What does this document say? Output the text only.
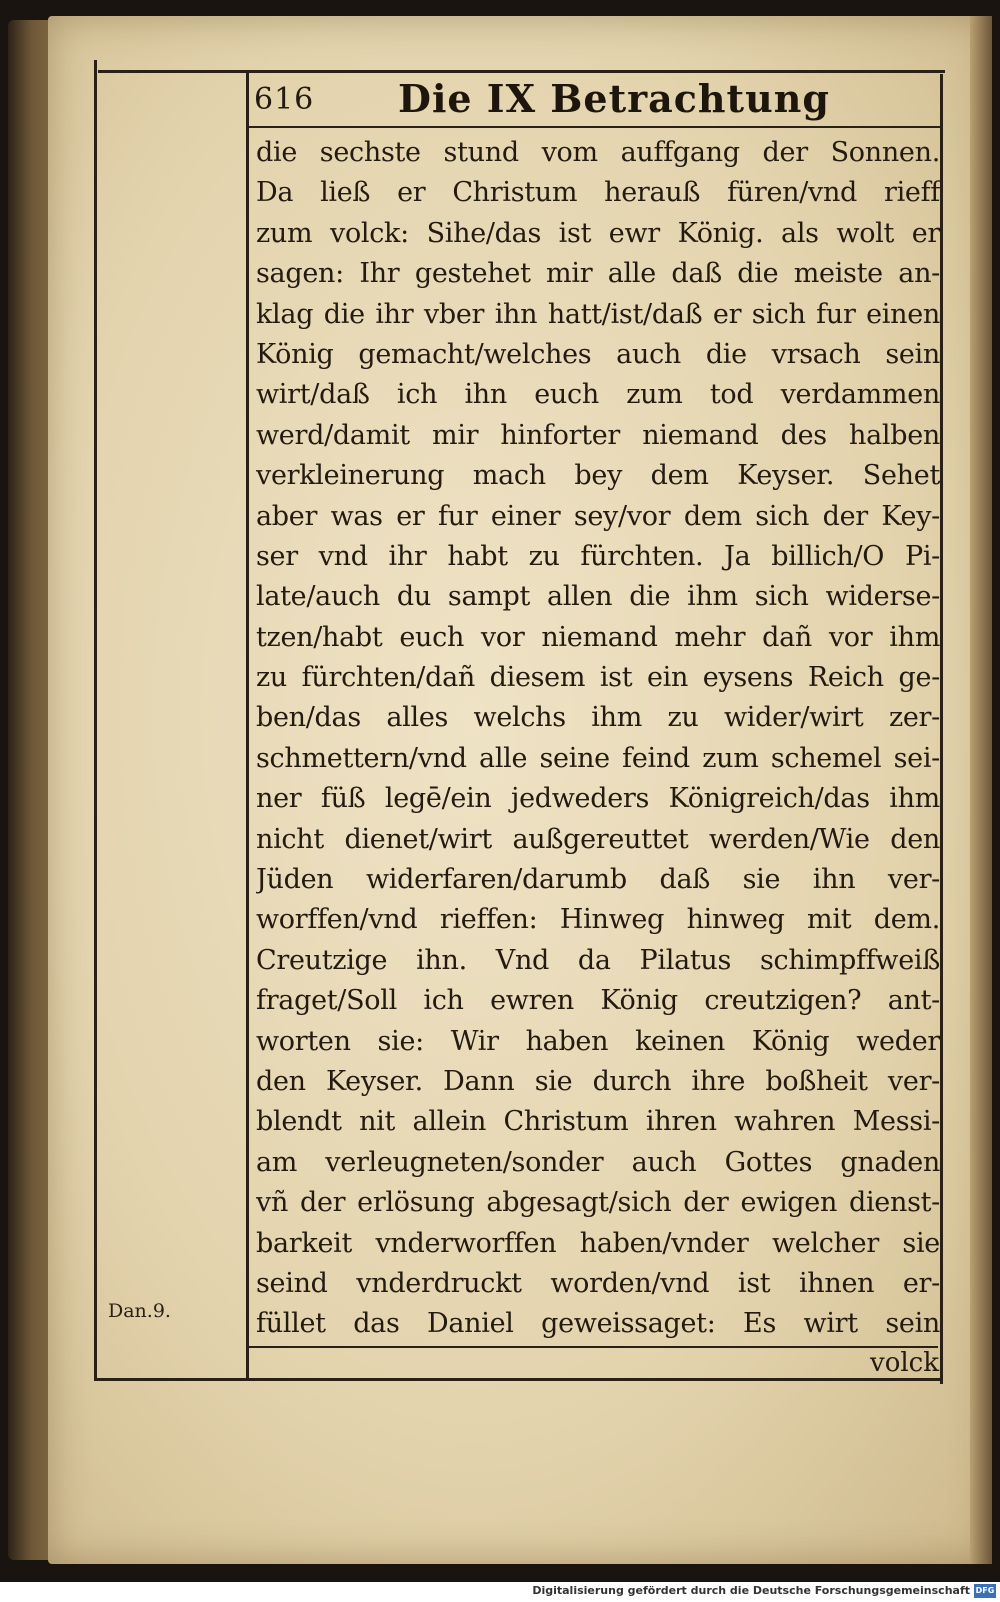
616 Die IX Betrachtung
die sechste stund vom auffgang der Sonnen.
Da ließ er Christum herauß füren/vnd rieff
zum volck: Sihe/das ist ewr König. als wolt er
sagen: Ihr gestehet mir alle daß die meiste an-
klag die ihr vber ihn hatt/ist/daß er sich fur einen
König gemacht/welches auch die vrsach sein
wirt/daß ich ihn euch zum tod verdammen
werd/damit mir hinforter niemand des halben
verkleinerung mach bey dem Keyser. Sehet
aber was er fur einer sey/vor dem sich der Key-
ser vnd ihr habt zu fürchten. Ja billich/O Pi-
late/auch du sampt allen die ihm sich widerse-
tzen/habt euch vor niemand mehr dañ vor ihm
zu fürchten/dañ diesem ist ein eysens Reich ge-
ben/das alles welchs ihm zu wider/wirt zer-
schmettern/vnd alle seine feind zum schemel sei-
ner füß legē/ein jedweders Königreich/das ihm
nicht dienet/wirt außgereuttet werden/Wie den
Jüden widerfaren/darumb daß sie ihn ver-
worffen/vnd rieffen: Hinweg hinweg mit dem.
Creutzige ihn. Vnd da Pilatus schimpffweiß
fraget/Soll ich ewren König creutzigen? ant-
worten sie: Wir haben keinen König weder
den Keyser. Dann sie durch ihre boßheit ver-
blendt nit allein Christum ihren wahren Messi-
am verleugneten/sonder auch Gottes gnaden
vñ der erlösung abgesagt/sich der ewigen dienst-
barkeit vnderworffen haben/vnder welcher sie
seind vnderdruckt worden/vnd ist ihnen er-
füllet das Daniel geweissaget: Es wirt sein
Dan.9.
volck
Digitalisierung gefördert durch die Deutsche Forschungsgemeinschaft DFG
